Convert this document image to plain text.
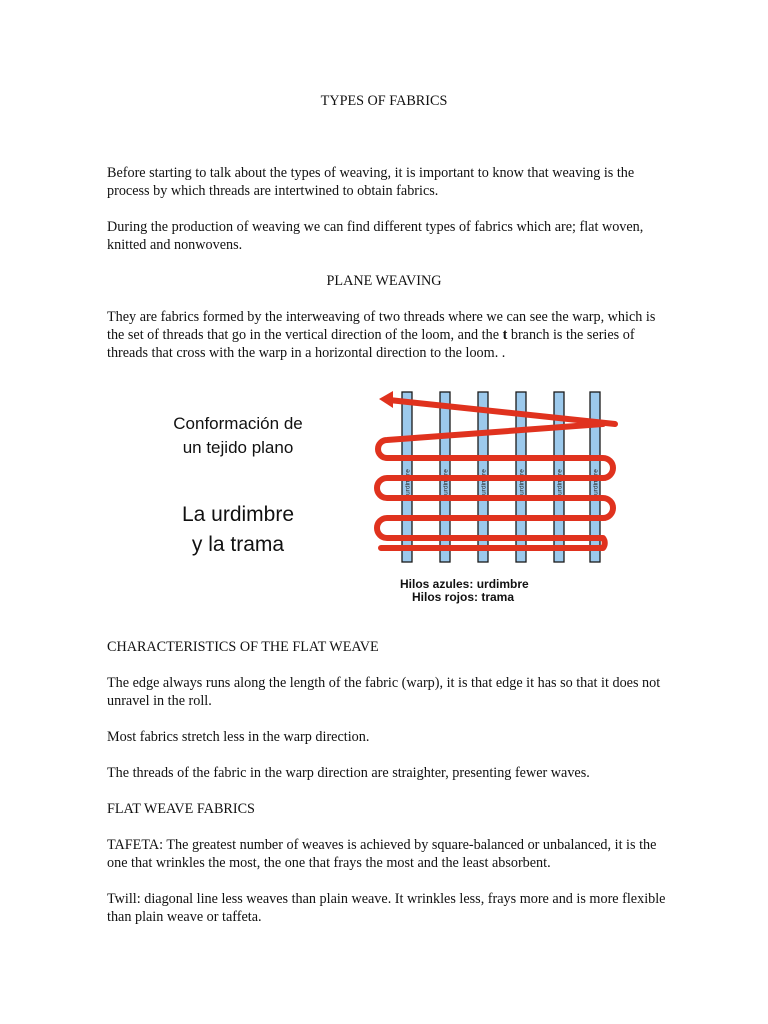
TYPES OF FABRICS

Before starting to talk about the types of weaving, it is important to know that weaving is the process by which threads are intertwined to obtain fabrics.

During the production of weaving we can find different types of fabrics which are; flat woven, knitted and nonwovens.

PLANE WEAVING

They are fabrics formed by the interweaving of two threads where we can see the warp, which is the set of threads that go in the vertical direction of the loom, and the t branch is the series of threads that cross with the warp in a horizontal direction to the loom. .

Conformación de
un tejido plano
La urdimbre
y la trama
urdimbre	urdimbre	urdimbre	urdimbre	urdimbre	urdimbre
Hilos azules: urdimbre
Hilos rojos: trama

CHARACTERISTICS OF THE FLAT WEAVE

The edge always runs along the length of the fabric (warp), it is that edge it has so that it does not unravel in the roll.

Most fabrics stretch less in the warp direction.

The threads of the fabric in the warp direction are straighter, presenting fewer waves.

FLAT WEAVE FABRICS

TAFETA: The greatest number of weaves is achieved by square-balanced or unbalanced, it is the one that wrinkles the most, the one that frays the most and the least absorbent.

Twill: diagonal line less weaves than plain weave. It wrinkles less, frays more and is more flexible than plain weave or taffeta.
